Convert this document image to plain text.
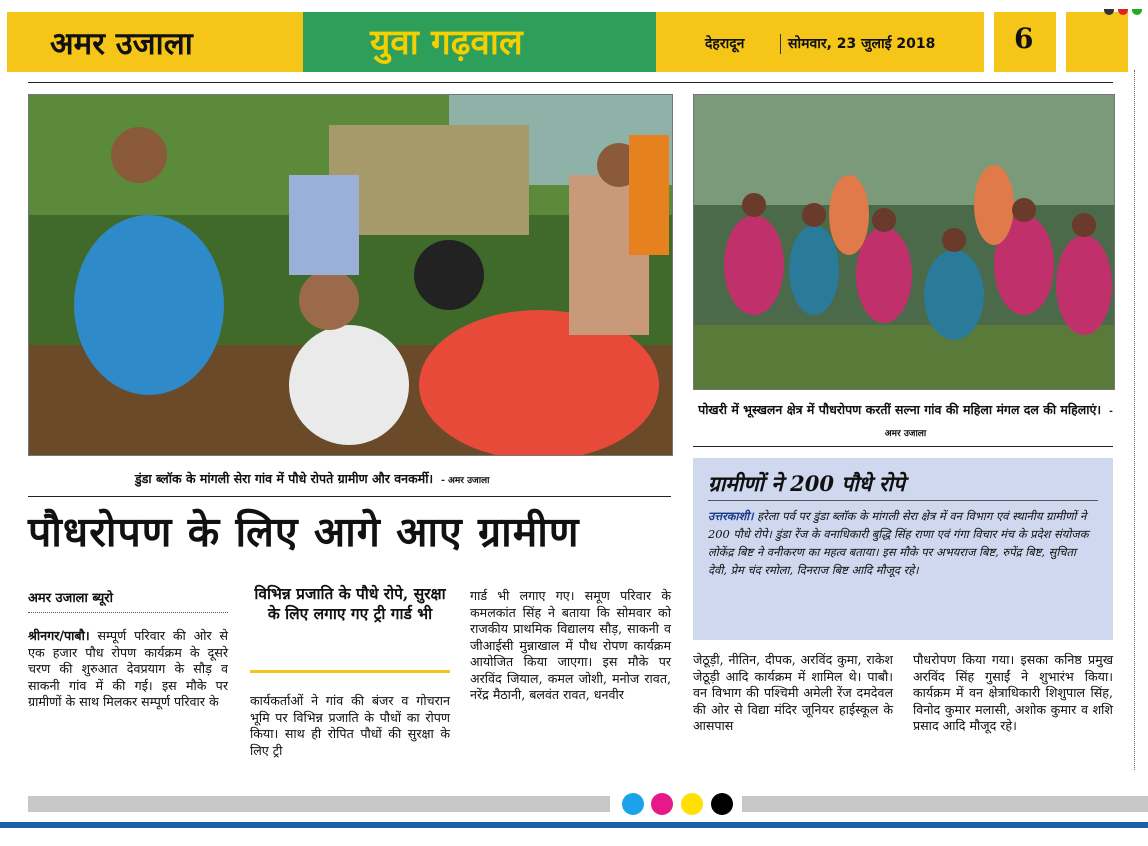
अमर उजाला	युवा गढ़वाल	देहरादून	सोमवार, 23 जुलाई 2018	6
डुंडा ब्लॉक के मांगली सेरा गांव में पौधे रोपते ग्रामीण और वनकर्मी। - अमर उजाला
पौधरोपण के लिए आगे आए ग्रामीण
अमर उजाला ब्यूरो
श्रीनगर/पाबौ। सम्पूर्ण परिवार की ओर से एक हजार पौध रोपण कार्यक्रम के दूसरे चरण की शुरुआत देवप्रयाग के सौड़ व साकनी गांव में की गई। इस मौके पर ग्रामीणों के साथ मिलकर सम्पूर्ण परिवार के
विभिन्न प्रजाति के पौधे रोपे, सुरक्षा के लिए लगाए गए ट्री गार्ड भी
कार्यकर्ताओं ने गांव की बंजर व गोचरान भूमि पर विभिन्न प्रजाति के पौधों का रोपण किया। साथ ही रोपित पौधों की सुरक्षा के लिए ट्री
गार्ड भी लगाए गए। समूण परिवार के कमलकांत सिंह ने बताया कि सोमवार को राजकीय प्राथमिक विद्यालय सौड़, साकनी व जीआईसी मुन्नाखाल में पौध रोपण कार्यक्रम आयोजित किया जाएगा। इस मौके पर अरविंद जियाल, कमल जोशी, मनोज रावत, नरेंद्र मैठानी, बलवंत रावत, धनवीर
पोखरी में भूस्खलन क्षेत्र में पौधरोपण करतीं सल्ना गांव की महिला मंगल दल की महिलाएं। - अमर उजाला
ग्रामीणों ने 200 पौधे रोपे
उत्तरकाशी। हरेला पर्व पर डुंडा ब्लॉक के मांगली सेरा क्षेत्र में वन विभाग एवं स्थानीय ग्रामीणों ने 200 पौधे रोपे। डुंडा रेंज के वनाधिकारी बुद्धि सिंह राणा एवं गंगा विचार मंच के प्रदेश संयोजक लोकेंद्र बिष्ट ने वनीकरण का महत्व बताया। इस मौके पर अभयराज बिष्ट, रुपेंद्र बिष्ट, सुचिता देवी, प्रेम चंद रमोला, दिनराज बिष्ट आदि मौजूद रहे।
जेठूड़ी, नीतिन, दीपक, अरविंद कुमा, राकेश जेठूड़ी आदि कार्यक्रम में शामिल थे। पाबौ। वन विभाग की पश्चिमी अमेली रेंज दमदेवल की ओर से विद्या मंदिर जूनियर हाईस्कूल के आसपास
पौधरोपण किया गया। इसका कनिष्ठ प्रमुख अरविंद सिंह गुसाईं ने शुभारंभ किया। कार्यक्रम में वन क्षेत्राधिकारी शिशुपाल सिंह, विनोद कुमार मलासी, अशोक कुमार व शशि प्रसाद आदि मौजूद रहे।
